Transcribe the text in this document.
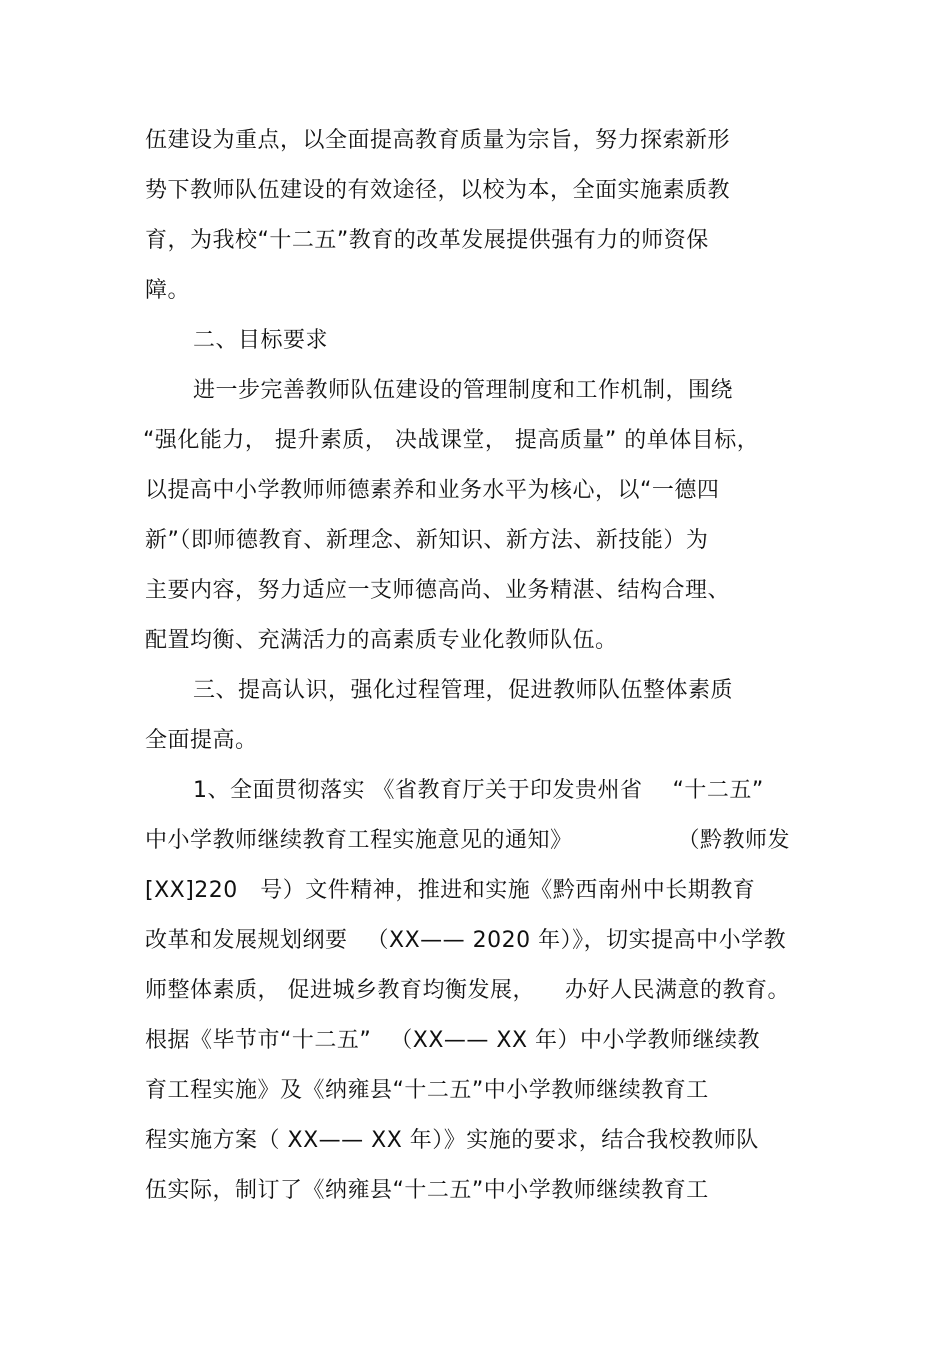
伍建设为重点，以全面提高教育质量为宗旨，努力探索新形
势下教师队伍建设的有效途径，以校为本，全面实施素质教
育，为我校“十二五”教育的改革发展提供强有力的师资保
障。
二、目标要求
进一步完善教师队伍建设的管理制度和工作机制，围绕
“强化能力， 提升素质， 决战课堂， 提高质量” 的单体目标，
以提高中小学教师师德素养和业务水平为核心，以“一德四
新”（即师德教育、新理念、新知识、新方法、新技能）为
主要内容，努力适应一支师德高尚、业务精湛、结构合理、
配置均衡、充满活力的高素质专业化教师队伍。
三、提高认识，强化过程管理，促进教师队伍整体素质
全面提高。
1、全面贯彻落实 《省教育厅关于印发贵州省 　“十二五”
中小学教师继续教育工程实施意见的通知》 　　　　 （黔教师发
[XX]220　号）文件精神，推进和实施《黔西南州中长期教育
改革和发展规划纲要 　（XX—— 2020 年）》，切实提高中小学教
师整体素质， 促进城乡教育均衡发展， 　办好人民满意的教育。
根据《毕节市“十二五” 　（XX—— XX 年）中小学教师继续教
育工程实施》及《纳雍县“十二五”中小学教师继续教育工
程实施方案（ XX—— XX 年）》实施的要求，结合我校教师队
伍实际，制订了《纳雍县“十二五”中小学教师继续教育工
